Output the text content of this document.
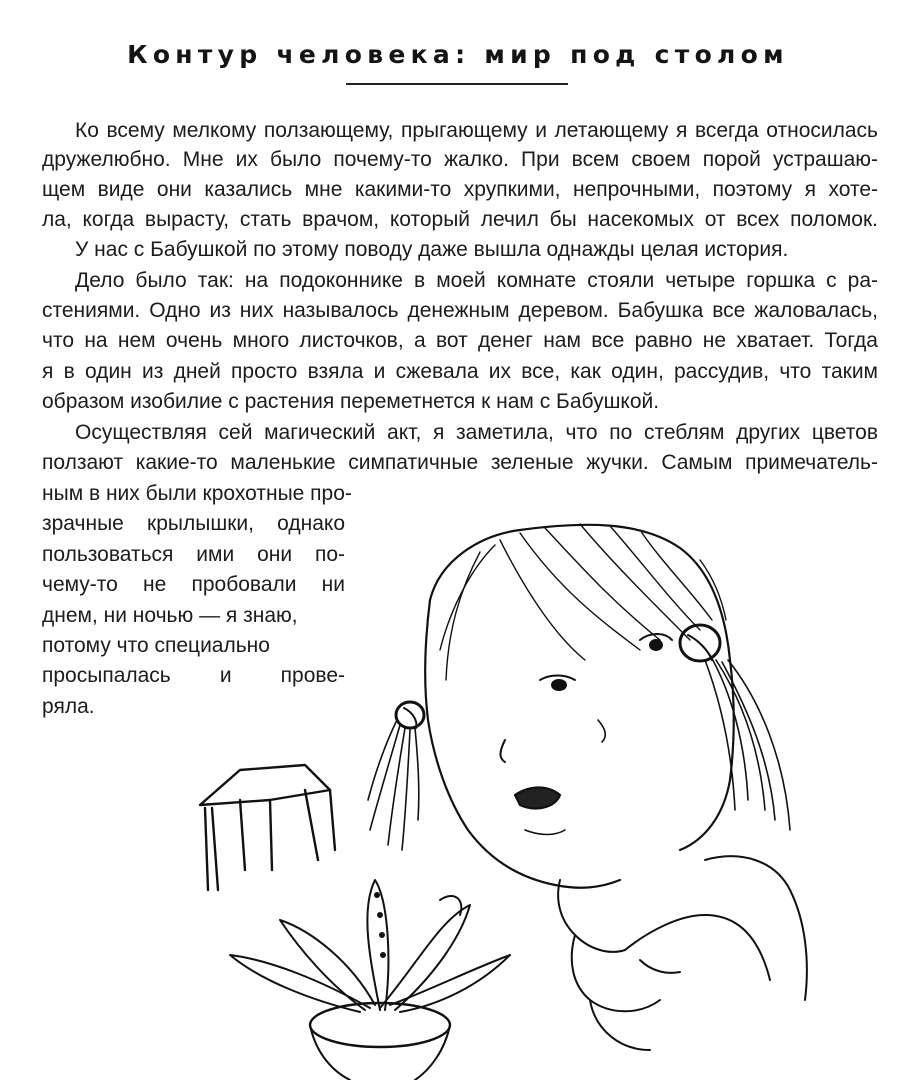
Контур человека: мир под столом
Ко всему мелкому ползающему, прыгающему и летающему я всегда относилась
дружелюбно. Мне их было почему-то жалко. При всем своем порой устрашаю-
щем виде они казались мне какими-то хрупкими, непрочными, поэтому я хоте-
ла, когда вырасту, стать врачом, который лечил бы насекомых от всех поломок.
У нас с Бабушкой по этому поводу даже вышла однажды целая история.
Дело было так: на подоконнике в моей комнате стояли четыре горшка с ра-
стениями. Одно из них называлось денежным деревом. Бабушка все жаловалась,
что на нем очень много листочков, а вот денег нам все равно не хватает. Тогда
я в один из дней просто взяла и сжевала их все, как один, рассудив, что таким
образом изобилие с растения переметнется к нам с Бабушкой.
Осуществляя сей магический акт, я заметила, что по стеблям других цветов
ползают какие-то маленькие симпатичные зеленые жучки. Самым примечатель-
ным в них были крохотные про-
зрачные крылышки, однако
пользоваться ими они по-
чему-то не пробовали ни
днем, ни ночью — я знаю,
потому что специально
просыпалась и прове-
ряла.
